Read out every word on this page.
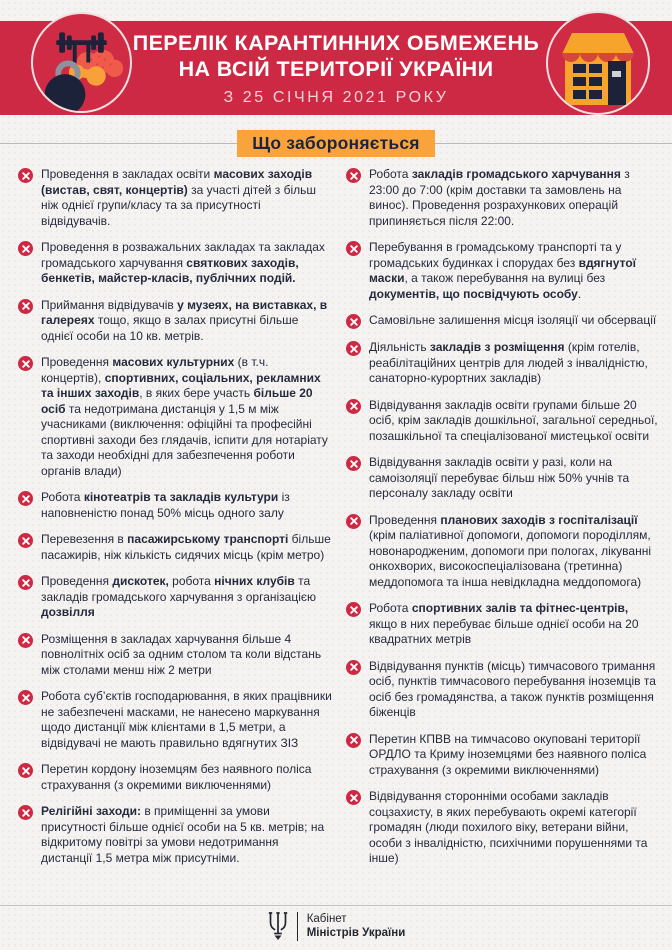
ПЕРЕЛІК КАРАНТИННИХ ОБМЕЖЕНЬ
НА ВСІЙ ТЕРИТОРІЇ УКРАЇНИ
З 25 СІЧНЯ 2021 РОКУ
Що забороняється

Проведення в закладах освіти масових заходів (вистав, свят, концертів) за участі дітей з більш ніж однієї групи/класу та за присутності відвідувачів.

Проведення в розважальних закладах та закладах громадського харчування святкових заходів, бенкетів, майстер-класів, публічних подій.

Приймання відвідувачів у музеях, на виставках, в галереях тощо, якщо в залах присутні більше однієї особи на 10 кв. метрів.

Проведення масових культурних (в т.ч. концертів), спортивних, соціальних, рекламних та інших заходів, в яких бере участь більше 20 осіб та недотримана дистанція у 1,5 м між учасниками (виключення: офіційні та професійні спортивні заходи без глядачів, іспити для нотаріату та заходи необхідні для забезпечення роботи органів влади)

Робота кінотеатрів та закладів культури із наповненістю понад 50% місць одного залу

Перевезення в пасажирському транспорті більше пасажирів, ніж кількість сидячих місць (крім метро)

Проведення дискотек, робота нічних клубів та закладів громадського харчування з організацією дозвілля

Розміщення в закладах харчування більше 4 повнолітніх осіб за одним столом та коли відстань між столами менш ніж 2 метри

Робота суб’єктів господарювання, в яких працівники не забезпечені масками, не нанесено маркування щодо дистанції між клієнтами в 1,5 метри, а відвідувачі не мають правильно вдягнутих ЗІЗ

Перетин кордону іноземцям без наявного поліса страхування (з окремими виключеннями)

Релігійні заходи: в приміщенні за умови присутності більше однієї особи на 5 кв. метрів; на відкритому повітрі за умови недотримання дистанції 1,5 метра між присутніми.

Робота закладів громадського харчування з 23:00 до 7:00 (крім доставки та замовлень на винос). Проведення розрахункових операцій припиняється після 22:00.

Перебування в громадському транспорті та у громадських будинках і спорудах без вдягнутої маски, а також перебування на вулиці без документів, що посвідчують особу.

Самовільне залишення місця ізоляції чи обсервації

Діяльність закладів з розміщення (крім готелів, реабілітаційних центрів для людей з інвалідністю, санаторно-курортних закладів)

Відвідування закладів освіти групами більше 20 осіб, крім закладів дошкільної, загальної середньої, позашкільної та спеціалізованої мистецької освіти

Відвідування закладів освіти у разі, коли на самоізоляції перебуває більш ніж 50% учнів та персоналу закладу освіти

Проведення планових заходів з госпіталізації (крім паліативної допомоги, допомоги породіллям, новонародженим, допомоги при пологах, лікуванні онкохворих, високоспеціалізована (третинна) меддопомога та інша невідкладна меддопомога)

Робота спортивних залів та фітнес-центрів, якщо в них перебуває більше однієї особи на 20 квадратних метрів

Відвідування пунктів (місць) тимчасового тримання осіб, пунктів тимчасового перебування іноземців та осіб без громадянства, а також пунктів розміщення біженців

Перетин КПВВ на тимчасово окуповані території ОРДЛО та Криму іноземцями без наявного поліса страхування (з окремими виключеннями)

Відвідування сторонніми особами закладів соцзахисту, в яких перебувають окремі категорії громадян (люди похилого віку, ветерани війни, особи з інвалідністю, психічними порушеннями та інше)

Кабінет
Міністрів України
